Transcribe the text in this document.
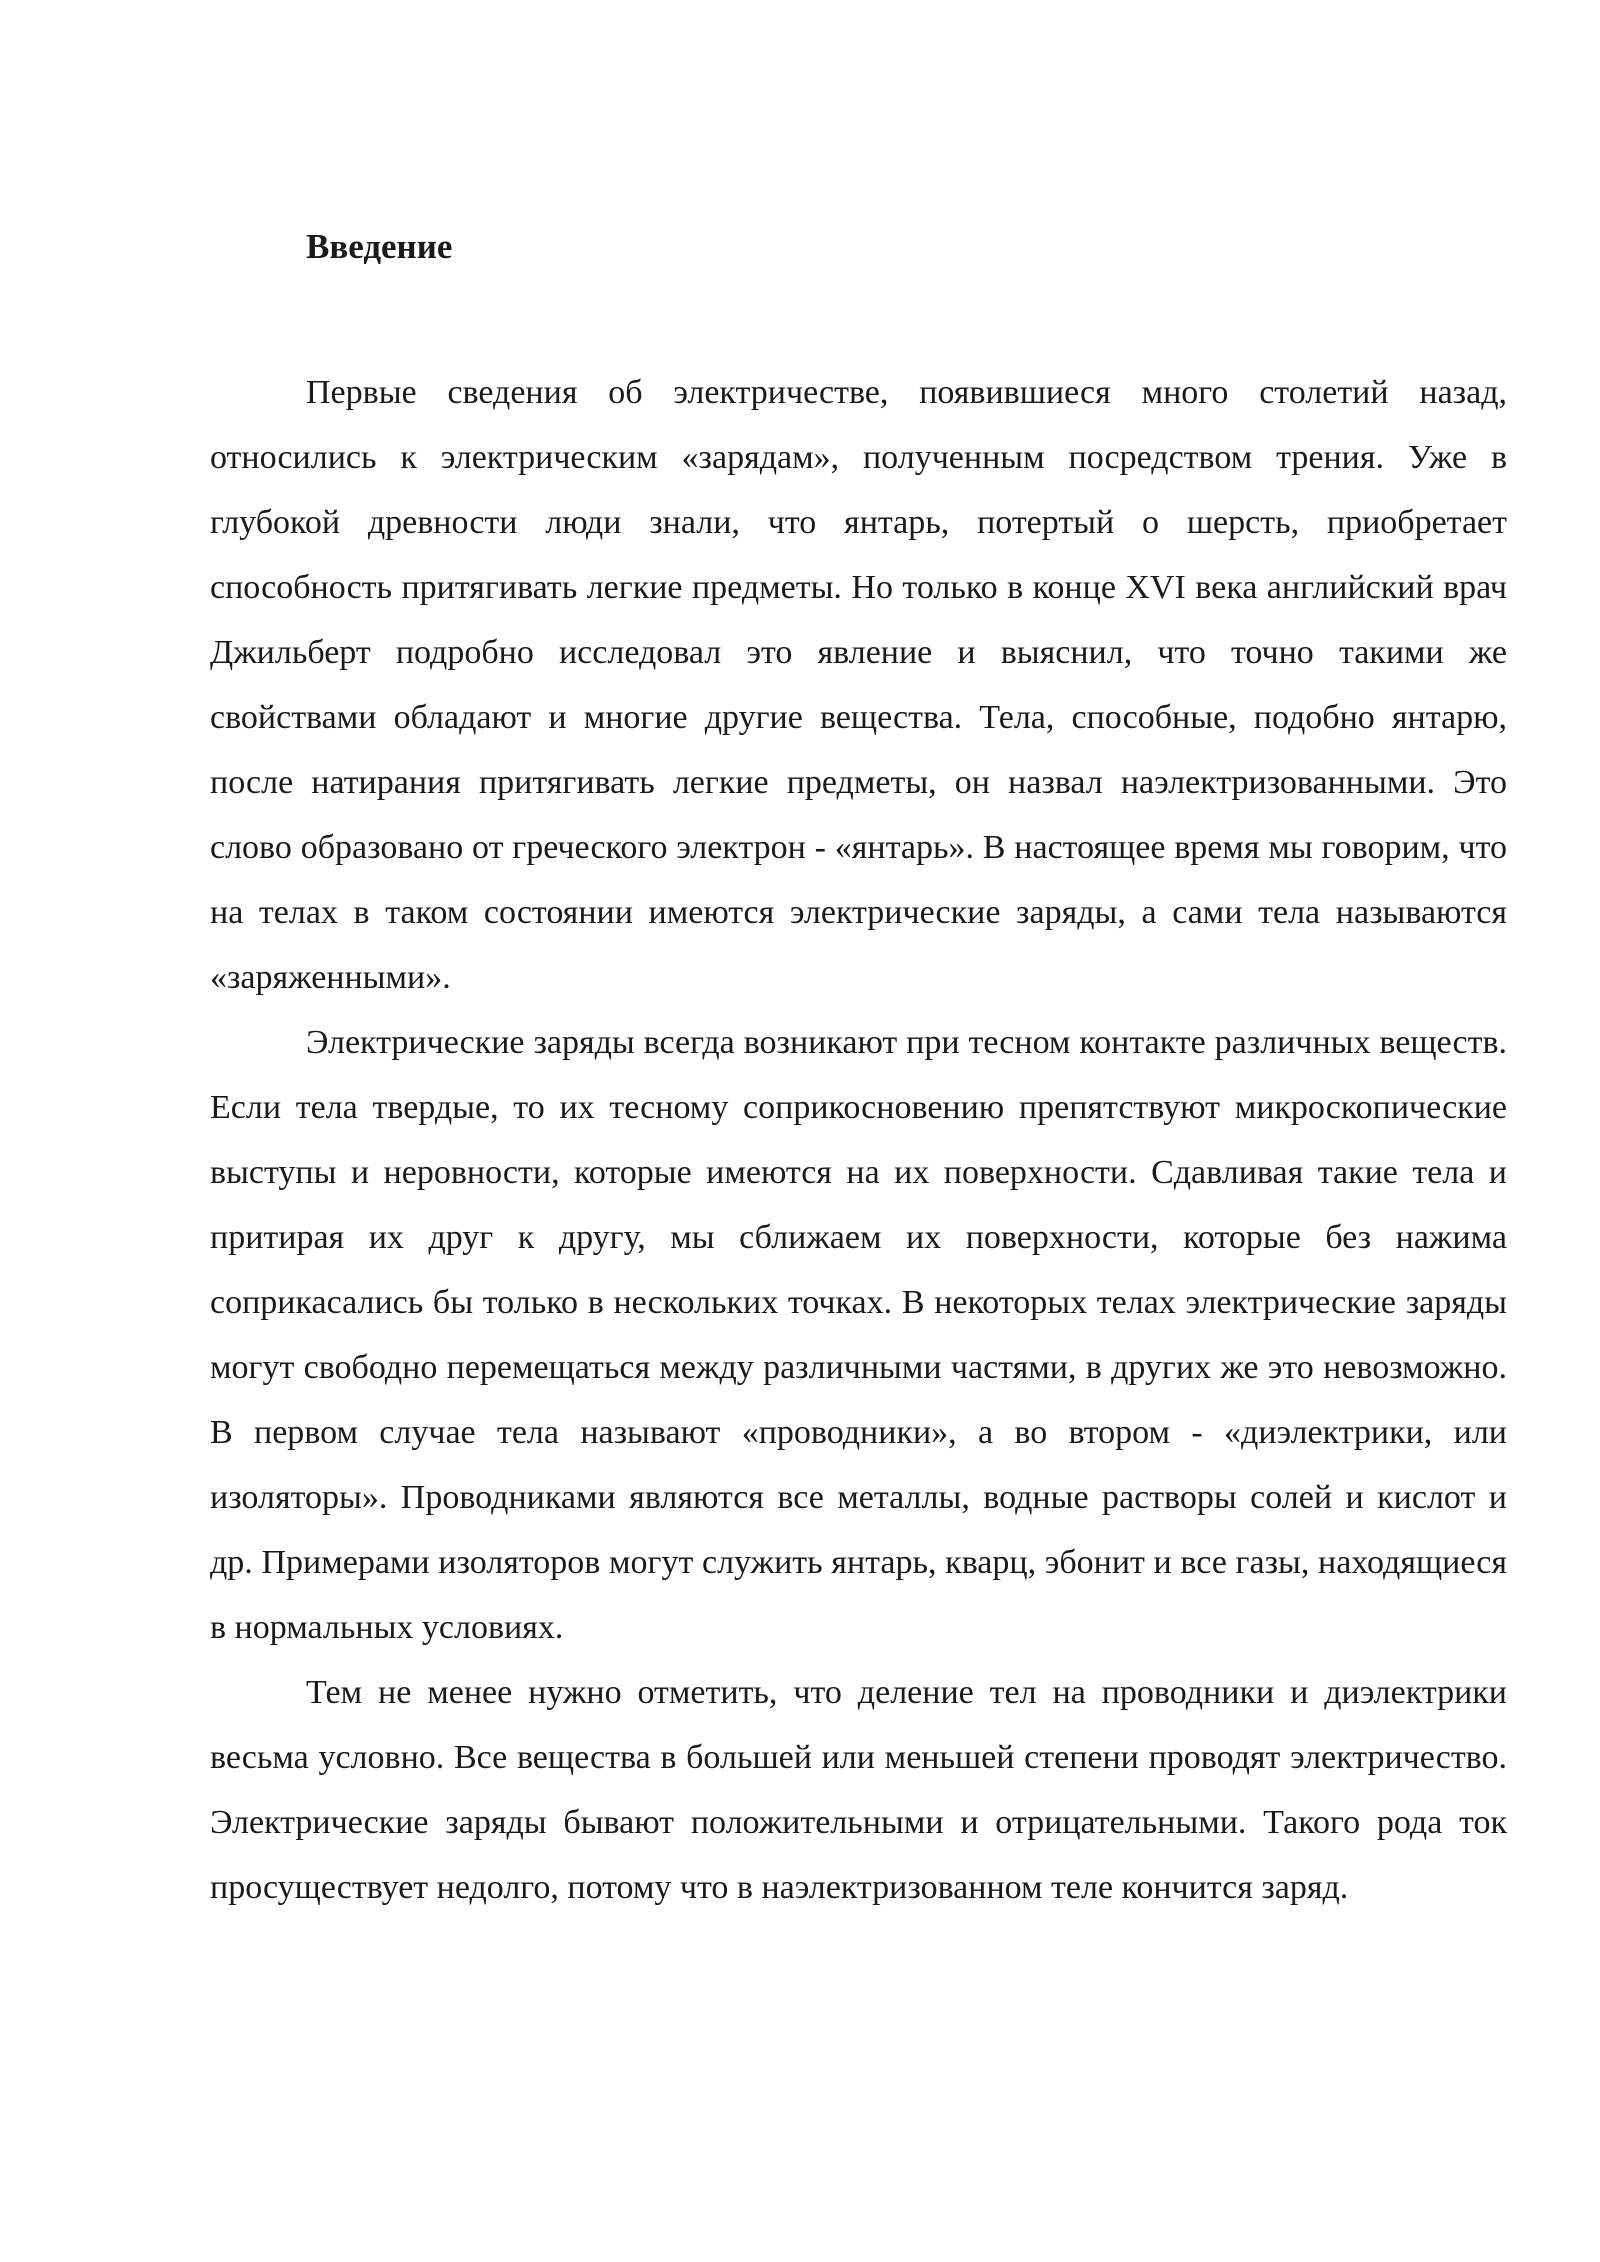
Введение

Первые сведения об электричестве, появившиеся много столетий назад, относились к электрическим «зарядам», полученным посредством трения. Уже в глубокой древности люди знали, что янтарь, потертый о шерсть, приобретает способность притягивать легкие предметы. Но только в конце XVI века английский врач Джильберт подробно исследовал это явление и выяснил, что точно такими же свойствами обладают и многие другие вещества. Тела, способные, подобно янтарю, после натирания притягивать легкие предметы, он назвал наэлектризованными. Это слово образовано от греческого электрон - «янтарь». В настоящее время мы говорим, что на телах в таком состоянии имеются электрические заряды, а сами тела называются «заряженными».

Электрические заряды всегда возникают при тесном контакте различных веществ. Если тела твердые, то их тесному соприкосновению препятствуют микроскопические выступы и неровности, которые имеются на их поверхности. Сдавливая такие тела и притирая их друг к другу, мы сближаем их поверхности, которые без нажима соприкасались бы только в нескольких точках. В некоторых телах электрические заряды могут свободно перемещаться между различными частями, в других же это невозможно. В первом случае тела называют «проводники», а во втором - «диэлектрики, или изоляторы». Проводниками являются все металлы, водные растворы солей и кислот и др. Примерами изоляторов могут служить янтарь, кварц, эбонит и все газы, находящиеся в нормальных условиях.

Тем не менее нужно отметить, что деление тел на проводники и диэлектрики весьма условно. Все вещества в большей или меньшей степени проводят электричество. Электрические заряды бывают положительными и отрицательными. Такого рода ток просуществует недолго, потому что в наэлектризованном теле кончится заряд.
